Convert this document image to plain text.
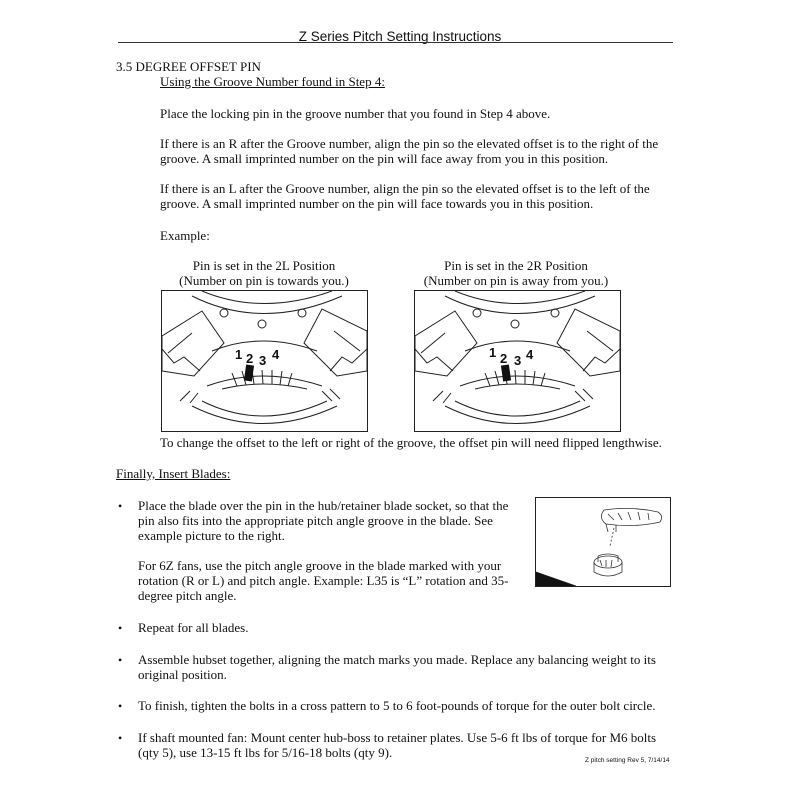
Z Series Pitch Setting Instructions
3.5 DEGREE OFFSET PIN
Using the Groove Number found in Step 4:
Place the locking pin in the groove number that you found in Step 4 above.
If there is an R after the Groove number, align the pin so the elevated offset is to the right of the
groove. A small imprinted number on the pin will face away from you in this position.
If there is an L after the Groove number, align the pin so the elevated offset is to the left of the
groove. A small imprinted number on the pin will face towards you in this position.
Example:
Pin is set in the 2L Position
(Number on pin is towards you.)
Pin is set in the 2R Position
(Number on pin is away from you.)
1 2 3 4	1 2 3 4
To change the offset to the left or right of the groove, the offset pin will need flipped lengthwise.
Finally, Insert Blades:
•	Place the blade over the pin in the hub/retainer blade socket, so that the
pin also fits into the appropriate pitch angle groove in the blade. See
example picture to the right.
For 6Z fans, use the pitch angle groove in the blade marked with your
rotation (R or L) and pitch angle. Example: L35 is “L” rotation and 35-
degree pitch angle.
•	Repeat for all blades.
•	Assemble hubset together, aligning the match marks you made. Replace any balancing weight to its
original position.
•	To finish, tighten the bolts in a cross pattern to 5 to 6 foot-pounds of torque for the outer bolt circle.
•	If shaft mounted fan: Mount center hub-boss to retainer plates. Use 5-6 ft lbs of torque for M6 bolts
(qty 5), use 13-15 ft lbs for 5/16-18 bolts (qty 9).
Z pitch setting Rev 5, 7/14/14
